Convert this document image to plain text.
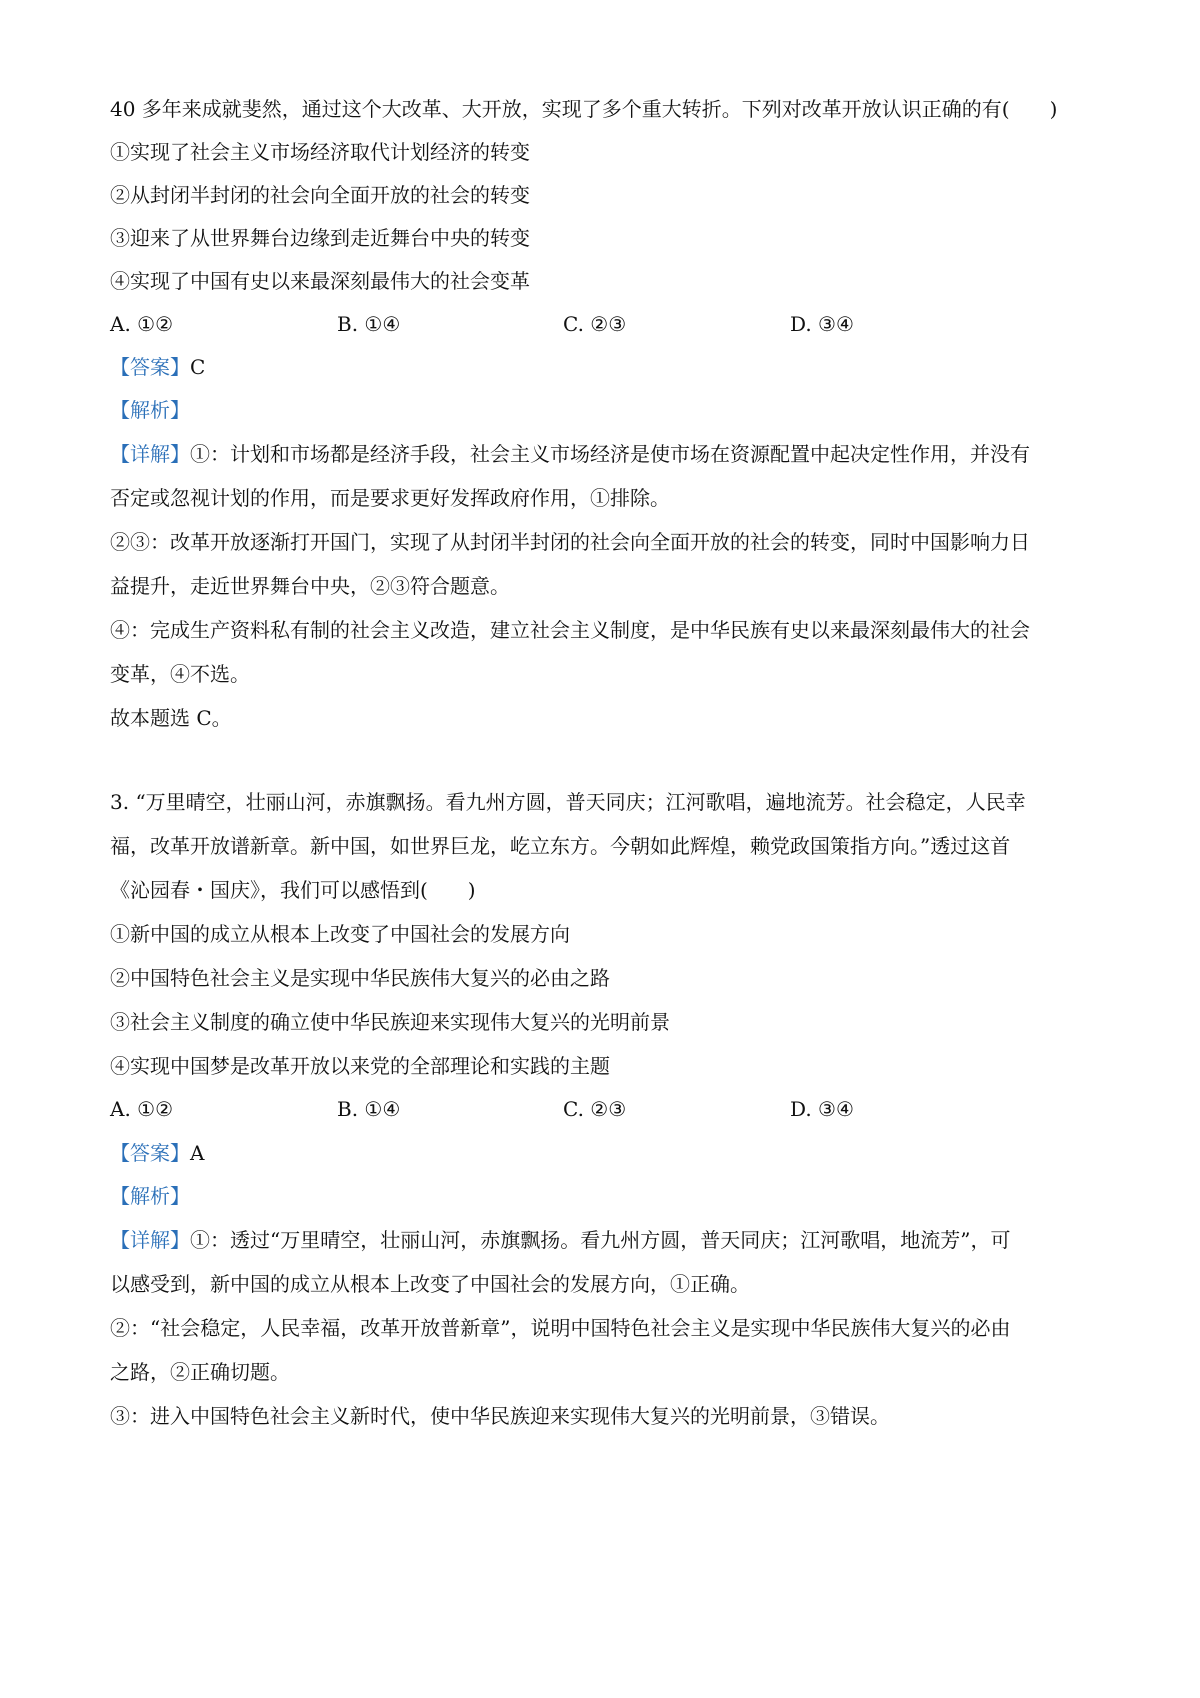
40 多年来成就斐然，通过这个大改革、大开放，实现了多个重大转折。下列对改革开放认识正确的有(　　)
①实现了社会主义市场经济取代计划经济的转变
②从封闭半封闭的社会向全面开放的社会的转变
③迎来了从世界舞台边缘到走近舞台中央的转变
④实现了中国有史以来最深刻最伟大的社会变革
A. ①②	B. ①④	C. ②③	D. ③④
【答案】C
【解析】
【详解】①：计划和市场都是经济手段，社会主义市场经济是使市场在资源配置中起决定性作用，并没有
否定或忽视计划的作用，而是要求更好发挥政府作用，①排除。
②③：改革开放逐渐打开国门，实现了从封闭半封闭的社会向全面开放的社会的转变，同时中国影响力日
益提升，走近世界舞台中央，②③符合题意。
④：完成生产资料私有制的社会主义改造，建立社会主义制度，是中华民族有史以来最深刻最伟大的社会
变革，④不选。
故本题选 C。
3. “万里晴空，壮丽山河，赤旗飘扬。看九州方圆，普天同庆；江河歌唱，遍地流芳。社会稳定，人民幸
福，改革开放谱新章。新中国，如世界巨龙，屹立东方。今朝如此辉煌，赖党政国策指方向。”透过这首
《沁园春・国庆》，我们可以感悟到(　　)
①新中国的成立从根本上改变了中国社会的发展方向
②中国特色社会主义是实现中华民族伟大复兴的必由之路
③社会主义制度的确立使中华民族迎来实现伟大复兴的光明前景
④实现中国梦是改革开放以来党的全部理论和实践的主题
A. ①②	B. ①④	C. ②③	D. ③④
【答案】A
【解析】
【详解】①：透过“万里晴空，壮丽山河，赤旗飘扬。看九州方圆，普天同庆；江河歌唱，地流芳”，可
以感受到，新中国的成立从根本上改变了中国社会的发展方向，①正确。
②：“社会稳定，人民幸福，改革开放普新章”，说明中国特色社会主义是实现中华民族伟大复兴的必由
之路，②正确切题。
③：进入中国特色社会主义新时代，使中华民族迎来实现伟大复兴的光明前景，③错误。
